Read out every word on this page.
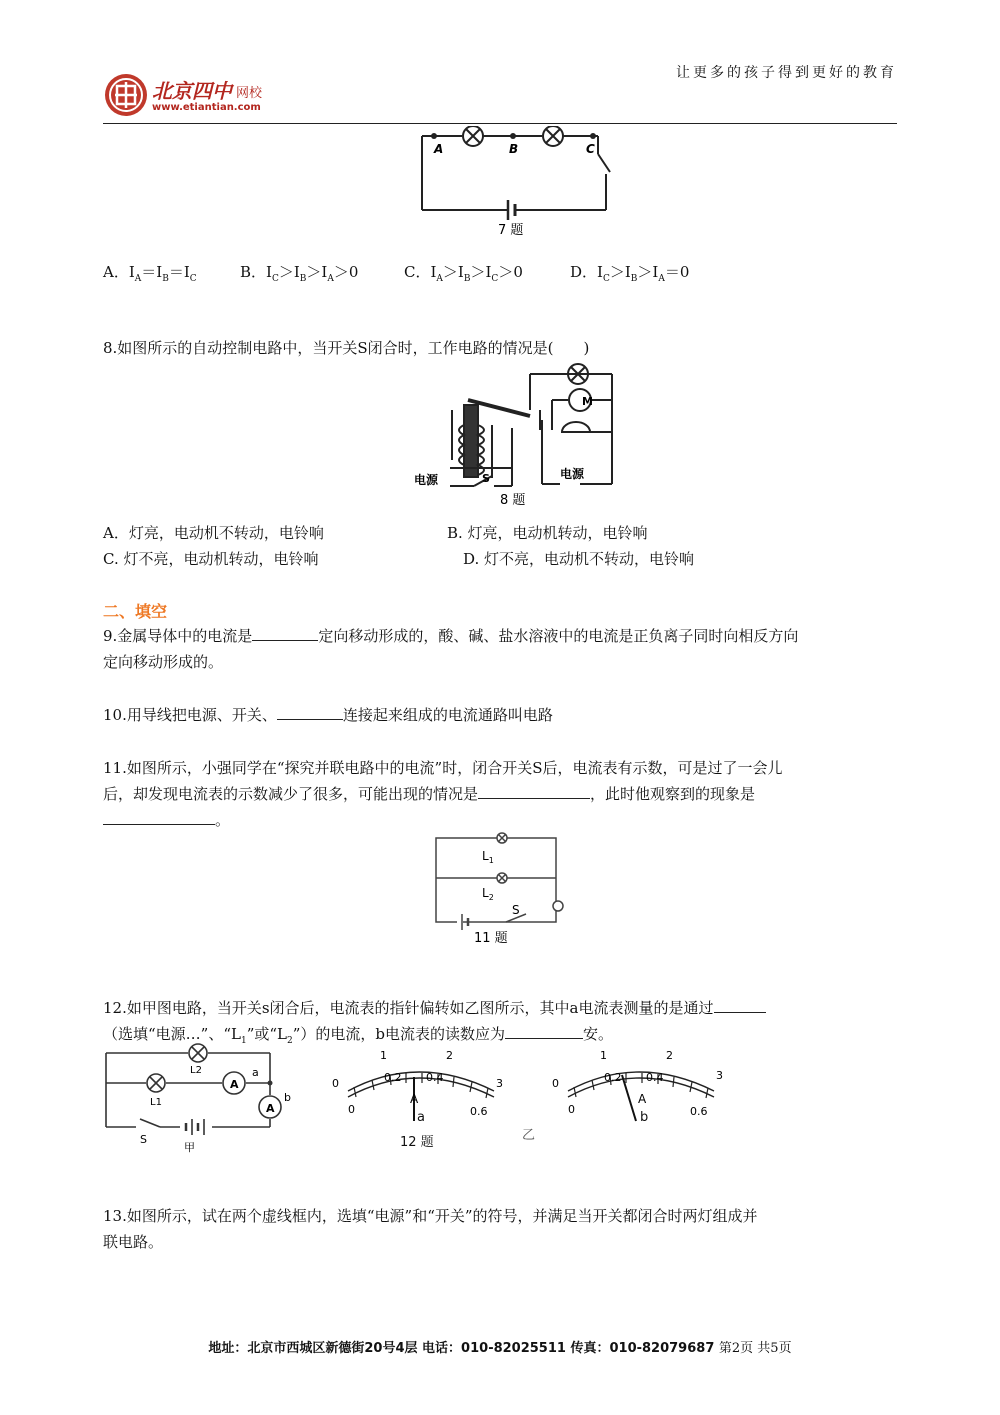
北京四中 网校
www.etiantian.com
让更多的孩子得到更好的教育
A	B	C
7 题
A．$I_A=I_B=I_C$	B．$I_C>I_B>I_A>0$	C．$I_A>I_B>I_C>0$	D．$I_C>I_B>I_A=0$
8.如图所示的自动控制电路中，当开关S闭合时，工作电路的情况是(　　)
M
电源	电源
S
8 题
A．灯亮，电动机不转动，电铃响	B. 灯亮，电动机转动，电铃响
C. 灯不亮，电动机转动，电铃响	D. 灯不亮，电动机不转动，电铃响
二、填空
9.金属导体中的电流是	定向移动形成的，酸、碱、盐水溶液中的电流是正负离子同时向相反方向
定向移动形成的。
10.用导线把电源、开关、	连接起来组成的电流通路叫电路
11.如图所示，小强同学在“探究并联电路中的电流”时，闭合开关S后，电流表有示数，可是过了一会儿
后，却发现电流表的示数减少了很多，可能出现的情况是	，此时他观察到的现象是
。
$L_1$
$L_2$
S
11 题
12.如甲图电路，当开关s闭合后，电流表的指针偏转如乙图所示，其中a电流表测量的是通过
（选填“电源…”、“$L_1$”或“$L_2$”）的电流，b电流表的读数应为	安。
A
A
a
b
L2
L1
S
甲
1	2
0	3
0
0.2 0.4
0.6
A
a
12 题	乙
1	2
0
3
0
0.2 0.4
0.6
A
b
13.如图所示，试在两个虚线框内，选填“电源”和“开关”的符号，并满足当开关都闭合时两灯组成并
联电路。
地址：北京市西城区新德街20号4层 电话：010-82025511 传真：010-82079687 第2页 共5页
